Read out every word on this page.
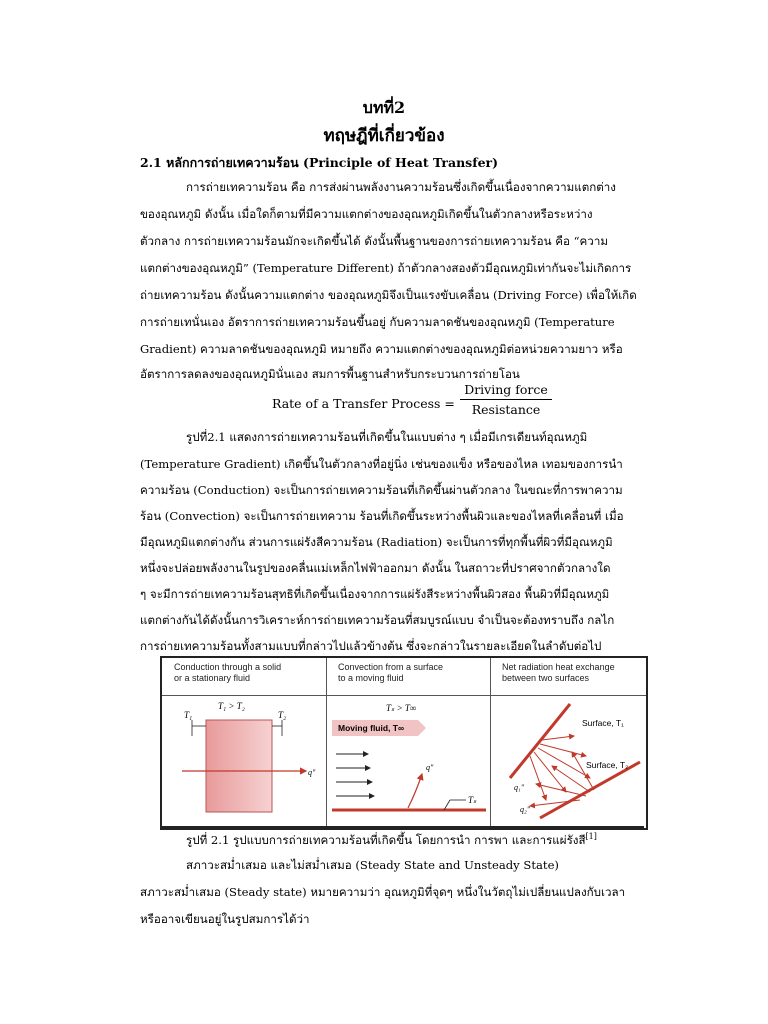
บทที่2
ทฤษฎีที่เกี่ยวข้อง
2.1 หลักการถ่ายเทความร้อน (Principle of Heat Transfer)
การถ่ายเทความร้อน คือ การส่งผ่านพลังงานความร้อนซึ่งเกิดขึ้นเนื่องจากความแตกต่าง
ของอุณหภูมิ ดังนั้น เมื่อใดก็ตามที่มีความแตกต่างของอุณหภูมิเกิดขึ้นในตัวกลางหรือระหว่าง
ตัวกลาง การถ่ายเทความร้อนมักจะเกิดขึ้นได้ ดังนั้นพื้นฐานของการถ่ายเทความร้อน คือ “ความ
แตกต่างของอุณหภูมิ” (Temperature Different) ถ้าตัวกลางสองตัวมีอุณหภูมิเท่ากันจะไม่เกิดการ
ถ่ายเทความร้อน ดังนั้นความแตกต่าง ของอุณหภูมิจึงเป็นแรงขับเคลื่อน (Driving Force) เพื่อให้เกิด
การถ่ายเทนั่นเอง อัตราการถ่ายเทความร้อนขึ้นอยู่ กับความลาดชันของอุณหภูมิ (Temperature
Gradient) ความลาดชันของอุณหภูมิ หมายถึง ความแตกต่างของอุณหภูมิต่อหน่วยความยาว หรือ
อัตราการลดลงของอุณหภูมินั่นเอง สมการพื้นฐานสำหรับกระบวนการถ่ายโอน
Rate of a Transfer Process =
Driving force
Resistance
รูปที่2.1 แสดงการถ่ายเทความร้อนที่เกิดขึ้นในแบบต่าง ๆ เมื่อมีเกรเดียนท์อุณหภูมิ
(Temperature Gradient) เกิดขึ้นในตัวกลางที่อยู่นิ่ง เช่นของแข็ง หรือของไหล เทอมของการนำ
ความร้อน (Conduction) จะเป็นการถ่ายเทความร้อนที่เกิดขึ้นผ่านตัวกลาง ในขณะที่การพาความ
ร้อน (Convection) จะเป็นการถ่ายเทความ ร้อนที่เกิดขึ้นระหว่างพื้นผิวและของไหลที่เคลื่อนที่ เมื่อ
มีอุณหภูมิแตกต่างกัน ส่วนการแผ่รังสีความร้อน (Radiation) จะเป็นการที่ทุกพื้นที่ผิวที่มีอุณหภูมิ
หนึ่งจะปล่อยพลังงานในรูปของคลื่นแม่เหล็กไฟฟ้าออกมา ดังนั้น ในสถาวะที่ปราศจากตัวกลางใด
ๆ จะมีการถ่ายเทความร้อนสุทธิที่เกิดขึ้นเนื่องจากการแผ่รังสีระหว่างพื้นผิวสอง พื้นผิวที่มีอุณหภูมิ
แตกต่างกันได้ดังนั้นการวิเคราะห์การถ่ายเทความร้อนที่สมบูรณ์แบบ จำเป็นจะต้องทราบถึง กลไก
การถ่ายเทความร้อนทั้งสามแบบที่กล่าวไปแล้วข้างต้น ซึ่งจะกล่าวในรายละเอียดในลำดับต่อไป
Conduction through a solid
or a stationary fluid
T₁ > T₂
T₁	T₂
q"
Convection from a surface
to a moving fluid
Tₛ > T∞
Moving fluid, T∞
q"
Tₛ
Net radiation heat exchange
between two surfaces
Surface, T₁
Surface, T₂
q₁"
q₂"
รูปที่ 2.1 รูปแบบการถ่ายเทความร้อนที่เกิดขึ้น โดยการนำ การพา และการแผ่รังสี[1]
สภาวะสม่ำเสมอ และไม่สม่ำเสมอ (Steady State and Unsteady State)
สภาวะสม่ำเสมอ (Steady state) หมายความว่า อุณหภูมิที่จุดๆ หนึ่งในวัตถุไม่เปลี่ยนแปลงกับเวลา
หรืออาจเขียนอยู่ในรูปสมการได้ว่า
